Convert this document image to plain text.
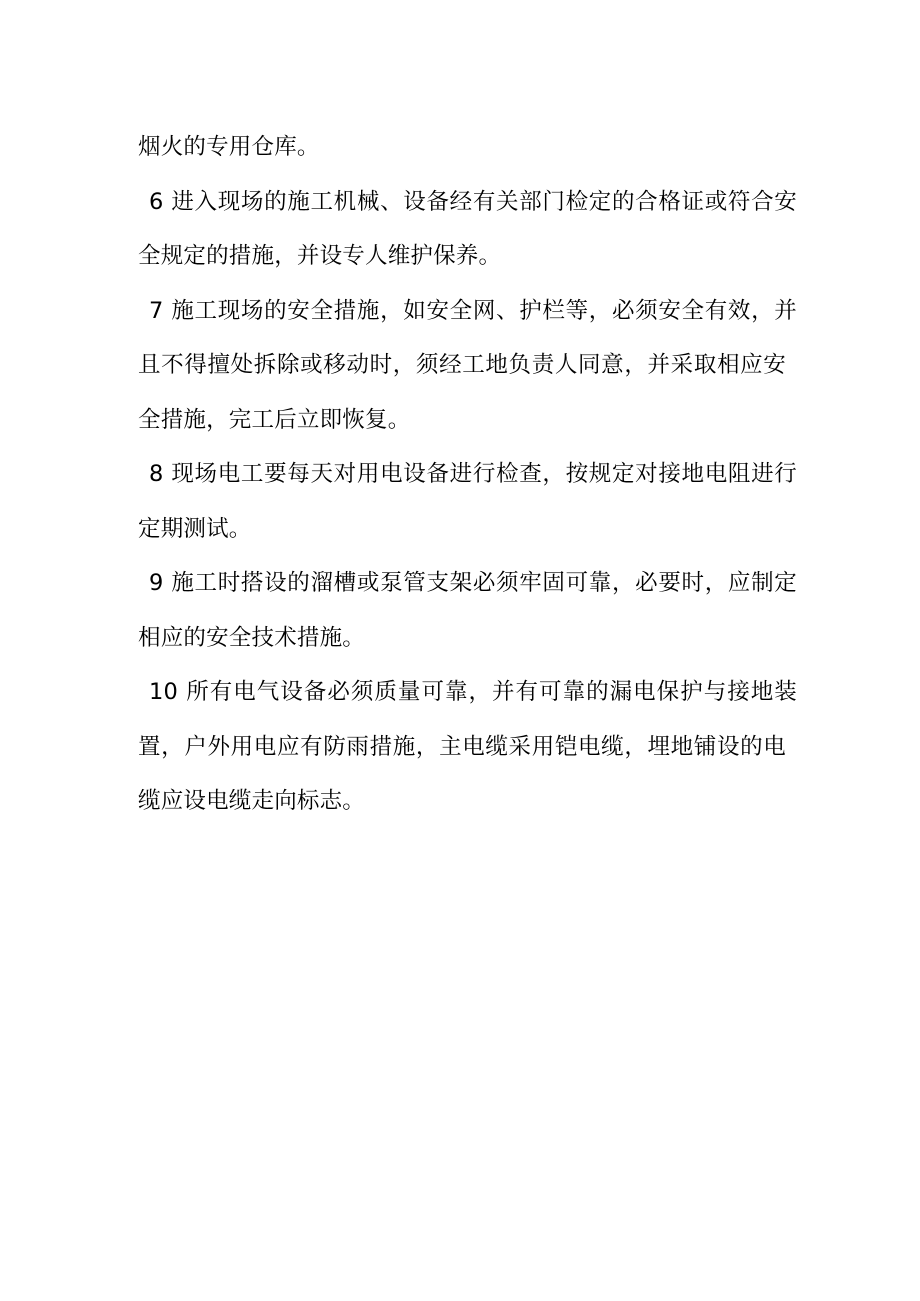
烟火的专用仓库。

6 进入现场的施工机械、设备经有关部门检定的合格证或符合安
全规定的措施，并设专人维护保养。

7 施工现场的安全措施，如安全网、护栏等，必须安全有效，并
且不得擅处拆除或移动时，须经工地负责人同意，并采取相应安
全措施，完工后立即恢复。

8 现场电工要每天对用电设备进行检查，按规定对接地电阻进行
定期测试。

9 施工时搭设的溜槽或泵管支架必须牢固可靠，必要时，应制定
相应的安全技术措施。

10 所有电气设备必须质量可靠，并有可靠的漏电保护与接地装
置，户外用电应有防雨措施，主电缆采用铠电缆，埋地铺设的电
缆应设电缆走向标志。
